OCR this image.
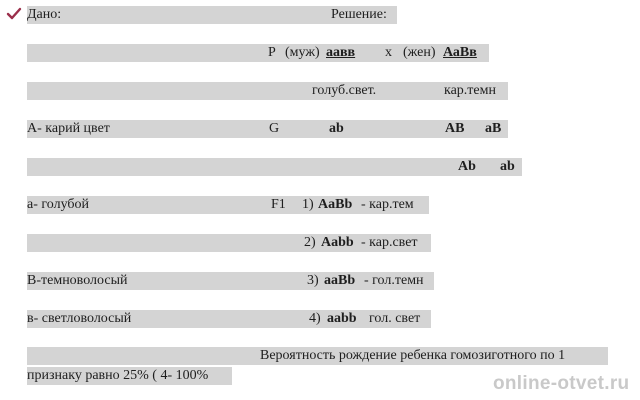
Дано:	Решение:
Р (муж) аавв х (жен) АаВв
голуб.свет.	кар.темн
А- карий цвет	G	ab	AB aB
Ab ab
а- голубой	F1 1) AaBb - кар.тем
2) Aabb - кар.свет
В-темноволосый	3) aaBb - гол.темн
в- светловолосый	4) aabb гол. свет
Вероятность рождение ребенка гомозиготного по 1
признаку равно 25% ( 4- 100%	online-otvet.ru
